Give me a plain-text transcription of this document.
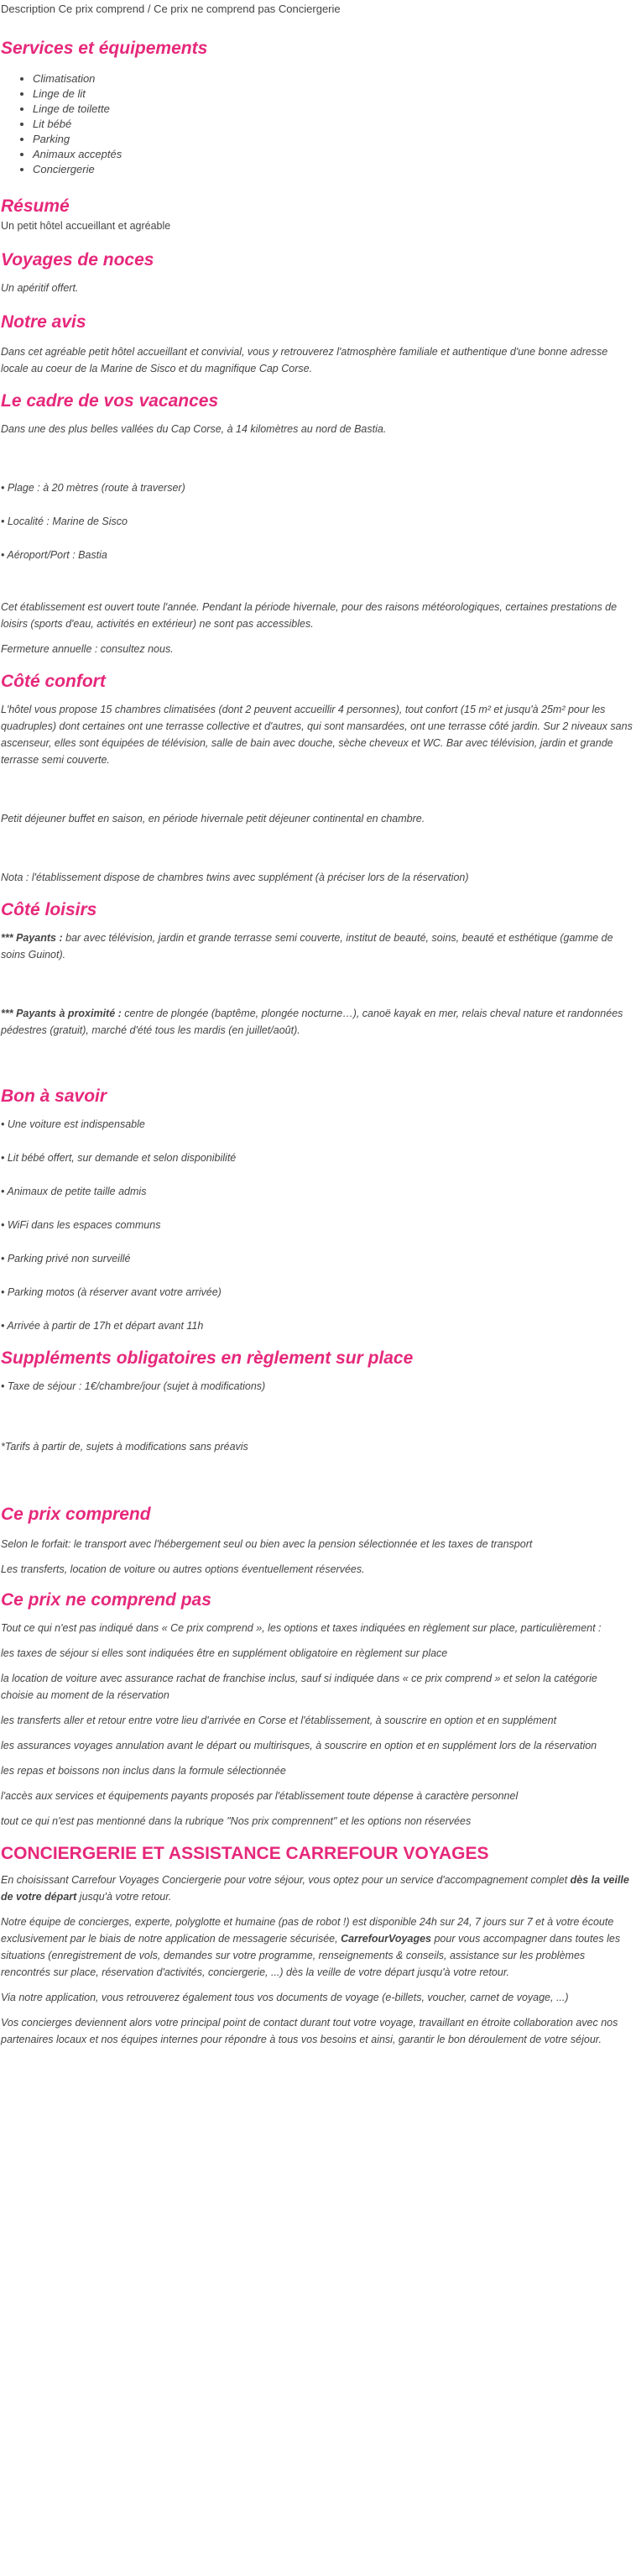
Description Ce prix comprend / Ce prix ne comprend pas Conciergerie

Services et équipements
• Climatisation
• Linge de lit
• Linge de toilette
• Lit bébé
• Parking
• Animaux acceptés
• Conciergerie
Résumé

Un petit hôtel accueillant et agréable

Voyages de noces

Un apéritif offert.

Notre avis

Dans cet agréable petit hôtel accueillant et convivial, vous y retrouverez l'atmosphère familiale et authentique d'une bonne adresse locale au coeur de la Marine de Sisco et du magnifique Cap Corse.

Le cadre de vos vacances

Dans une des plus belles vallées du Cap Corse, à 14 kilomètres au nord de Bastia.

• Plage : à 20 mètres (route à traverser)

• Localité : Marine de Sisco

• Aéroport/Port : Bastia

Cet établissement est ouvert toute l'année. Pendant la période hivernale, pour des raisons météorologiques, certaines prestations de loisirs (sports d'eau, activités en extérieur) ne sont pas accessibles.

Fermeture annuelle : consultez nous.

Côté confort

L'hôtel vous propose 15 chambres climatisées (dont 2 peuvent accueillir 4 personnes), tout confort (15 m² et jusqu'à 25m² pour les quadruples) dont certaines ont une terrasse collective et d'autres, qui sont mansardées, ont une terrasse côté jardin. Sur 2 niveaux sans ascenseur, elles sont équipées de télévision, salle de bain avec douche, sèche cheveux et WC. Bar avec télévision, jardin et grande terrasse semi couverte.

Petit déjeuner buffet en saison, en période hivernale petit déjeuner continental en chambre.

Nota : l'établissement dispose de chambres twins avec supplément (à préciser lors de la réservation)

Côté loisirs

*** Payants : bar avec télévision, jardin et grande terrasse semi couverte, institut de beauté, soins, beauté et esthétique (gamme de soins Guinot).

*** Payants à proximité : centre de plongée (baptême, plongée nocturne…), canoë kayak en mer, relais cheval nature et randonnées pédestres (gratuit), marché d'été tous les mardis (en juillet/août).

Bon à savoir

• Une voiture est indispensable

• Lit bébé offert, sur demande et selon disponibilité

• Animaux de petite taille admis

• WiFi dans les espaces communs

• Parking privé non surveillé

• Parking motos (à réserver avant votre arrivée)

• Arrivée à partir de 17h et départ avant 11h

Suppléments obligatoires en règlement sur place

• Taxe de séjour : 1€/chambre/jour (sujet à modifications)

*Tarifs à partir de, sujets à modifications sans préavis

Ce prix comprend

Selon le forfait: le transport avec l'hébergement seul ou bien avec la pension sélectionnée et les taxes de transport

Les transferts, location de voiture ou autres options éventuellement réservées.

Ce prix ne comprend pas

Tout ce qui n'est pas indiqué dans « Ce prix comprend », les options et taxes indiquées en règlement sur place, particulièrement :

les taxes de séjour si elles sont indiquées être en supplément obligatoire en règlement sur place

la location de voiture avec assurance rachat de franchise inclus, sauf si indiquée dans « ce prix comprend » et selon la catégorie choisie au moment de la réservation

les transferts aller et retour entre votre lieu d'arrivée en Corse et l'établissement, à souscrire en option et en supplément

les assurances voyages annulation avant le départ ou multirisques, à souscrire en option et en supplément lors de la réservation

les repas et boissons non inclus dans la formule sélectionnée

l'accès aux services et équipements payants proposés par l'établissement toute dépense à caractère personnel

tout ce qui n'est pas mentionné dans la rubrique "Nos prix comprennent" et les options non réservées

CONCIERGERIE ET ASSISTANCE CARREFOUR VOYAGES

En choisissant Carrefour Voyages Conciergerie pour votre séjour, vous optez pour un service d'accompagnement complet dès la veille de votre départ jusqu'à votre retour.

Notre équipe de concierges, experte, polyglotte et humaine (pas de robot !) est disponible 24h sur 24, 7 jours sur 7 et à votre écoute exclusivement par le biais de notre application de messagerie sécurisée, CarrefourVoyages pour vous accompagner dans toutes les situations (enregistrement de vols, demandes sur votre programme, renseignements & conseils, assistance sur les problèmes rencontrés sur place, réservation d'activités, conciergerie, ...) dès la veille de votre départ jusqu'à votre retour.

Via notre application, vous retrouverez également tous vos documents de voyage (e-billets, voucher, carnet de voyage, ...)

Vos concierges deviennent alors votre principal point de contact durant tout votre voyage, travaillant en étroite collaboration avec nos partenaires locaux et nos équipes internes pour répondre à tous vos besoins et ainsi, garantir le bon déroulement de votre séjour.
